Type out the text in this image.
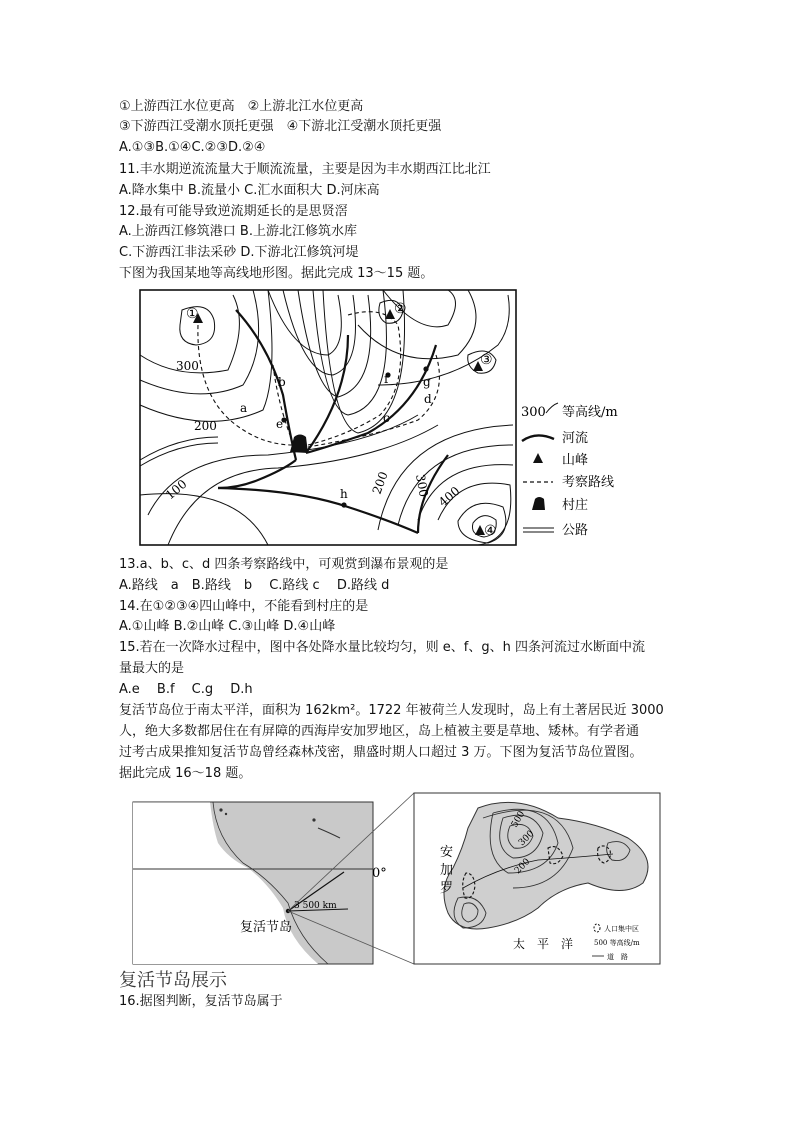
①上游西江水位更高　②上游北江水位更高
③下游西江受潮水顶托更强　④下游北江受潮水顶托更强
A.①③B.①④C.②③D.②④
11.丰水期逆流流量大于顺流流量，主要是因为丰水期西江比北江
A.降水集中 B.流量小 C.汇水面积大 D.河床高
12.最有可能导致逆流期延长的是思贤滘
A.上游西江修筑港口 B.上游北江修筑水库
C.下游西江非法采砂 D.下游北江修筑河堤
下图为我国某地等高线地形图。据此完成 13～15 题。
①	②
③
④
300
200
100	200 300 400
a
b
c
d
e
f	g
h
300 等高线/m
河流
山峰
考察路线
村庄
公路
13.a、b、c、d 四条考察路线中，可观赏到瀑布景观的是
A.路线　a　B.路线　b　 C.路线 c　 D.路线 d
14.在①②③④四山峰中，不能看到村庄的是
A.①山峰 B.②山峰 C.③山峰 D.④山峰
15.若在一次降水过程中，图中各处降水量比较均匀，则 e、f、g、h 四条河流过水断面中流
量最大的是
A.e　 B.f　 C.g　 D.h
复活节岛位于南太平洋，面积为 162km²。1722 年被荷兰人发现时，岛上有土著居民近 3000
人，绝大多数都居住在有屏障的西海岸安加罗地区，岛上植被主要是草地、矮林。有学者通
过考古成果推知复活节岛曾经森林茂密，鼎盛时期人口超过 3 万。下图为复活节岛位置图。
据此完成 16～18 题。
0°
3 500 km
复活节岛
安
加
罗
500
300
200
太　平　洋
人口集中区
500 等高线/m
道　路
复活节岛展示
16.据图判断，复活节岛属于
